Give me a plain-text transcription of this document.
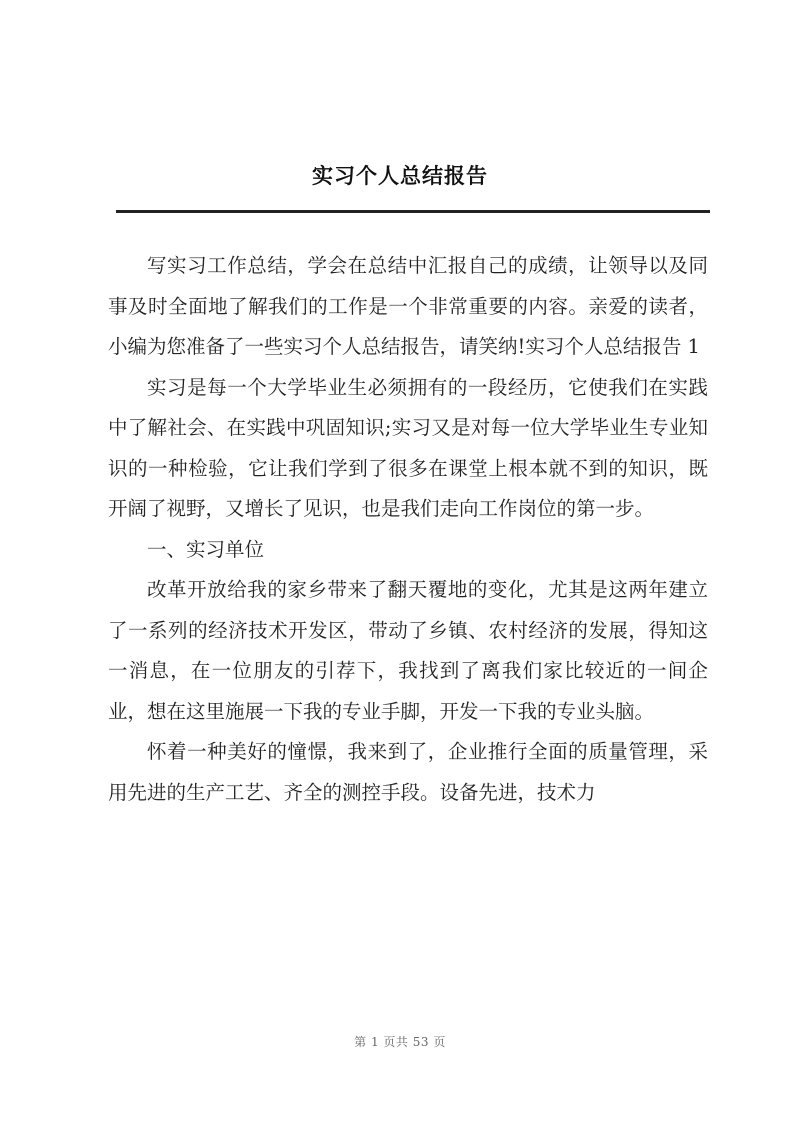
实习个人总结报告

写实习工作总结，学会在总结中汇报自己的成绩，让领导以及同事及时全面地了解我们的工作是一个非常重要的内容。亲爱的读者，小编为您准备了一些实习个人总结报告，请笑纳!实习个人总结报告 1

实习是每一个大学毕业生必须拥有的一段经历，它使我们在实践中了解社会、在实践中巩固知识;实习又是对每一位大学毕业生专业知识的一种检验，它让我们学到了很多在课堂上根本就不到的知识，既开阔了视野，又增长了见识，也是我们走向工作岗位的第一步。

一、实习单位

改革开放给我的家乡带来了翻天覆地的变化，尤其是这两年建立了一系列的经济技术开发区，带动了乡镇、农村经济的发展，得知这一消息，在一位朋友的引荐下，我找到了离我们家比较近的一间企业，想在这里施展一下我的专业手脚，开发一下我的专业头脑。

怀着一种美好的憧憬，我来到了，企业推行全面的质量管理，采用先进的生产工艺、齐全的测控手段。设备先进，技术力

第 1 页共 53 页
